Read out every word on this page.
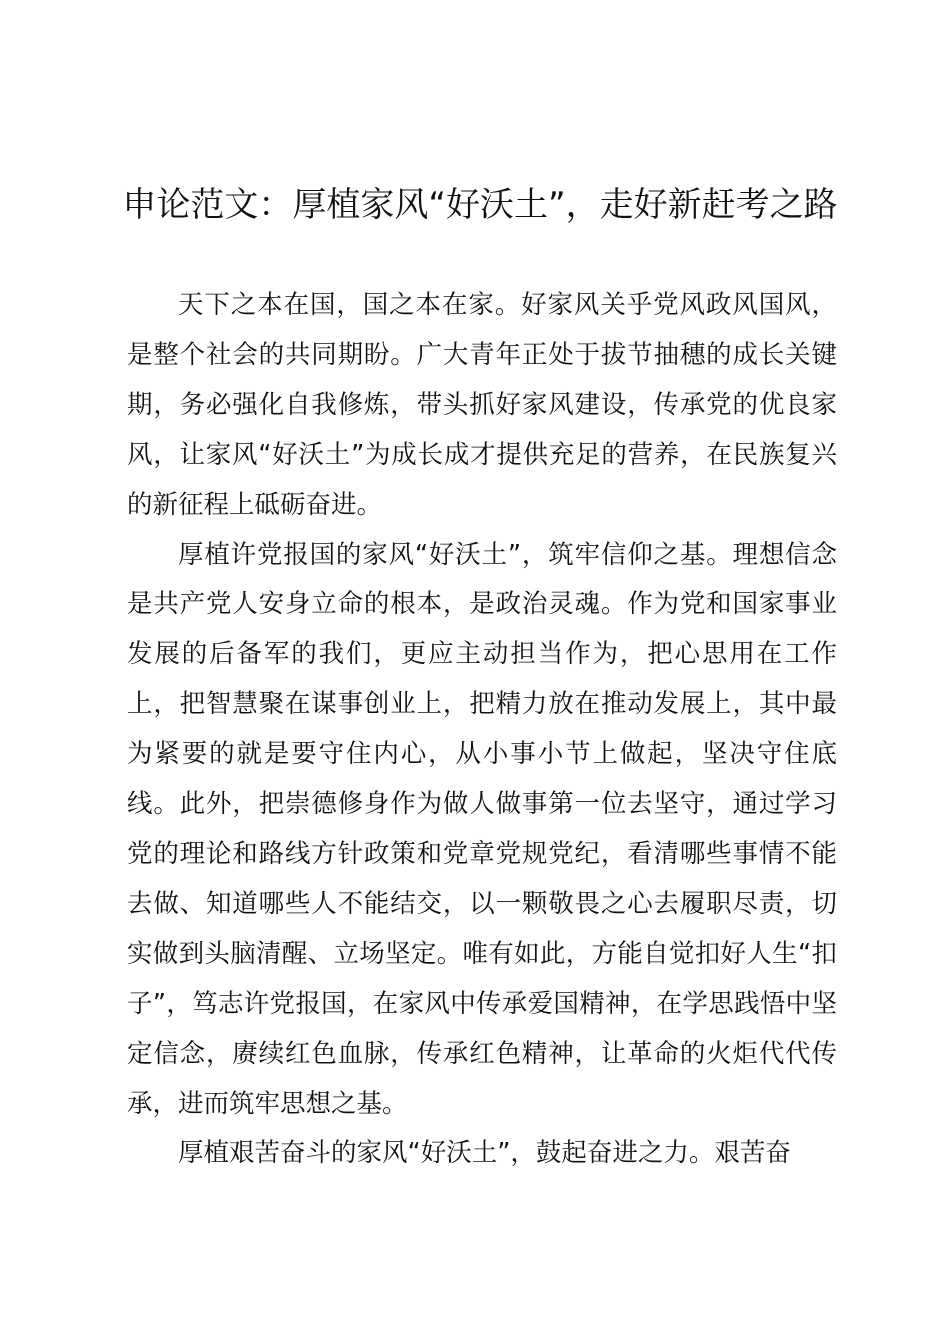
申论范文：厚植家风“好沃土”，走好新赶考之路

天下之本在国，国之本在家。好家风关乎党风政风国风，是整个社会的共同期盼。广大青年正处于拔节抽穗的成长关键期，务必强化自我修炼，带头抓好家风建设，传承党的优良家风，让家风“好沃土”为成长成才提供充足的营养，在民族复兴的新征程上砥砺奋进。

厚植许党报国的家风“好沃土”，筑牢信仰之基。理想信念是共产党人安身立命的根本，是政治灵魂。作为党和国家事业发展的后备军的我们，更应主动担当作为，把心思用在工作上，把智慧聚在谋事创业上，把精力放在推动发展上，其中最为紧要的就是要守住内心，从小事小节上做起，坚决守住底线。此外，把崇德修身作为做人做事第一位去坚守，通过学习党的理论和路线方针政策和党章党规党纪，看清哪些事情不能去做、知道哪些人不能结交，以一颗敬畏之心去履职尽责，切实做到头脑清醒、立场坚定。唯有如此，方能自觉扣好人生“扣子”，笃志许党报国，在家风中传承爱国精神，在学思践悟中坚定信念，赓续红色血脉，传承红色精神，让革命的火炬代代传承，进而筑牢思想之基。

厚植艰苦奋斗的家风“好沃土”，鼓起奋进之力。艰苦奋
